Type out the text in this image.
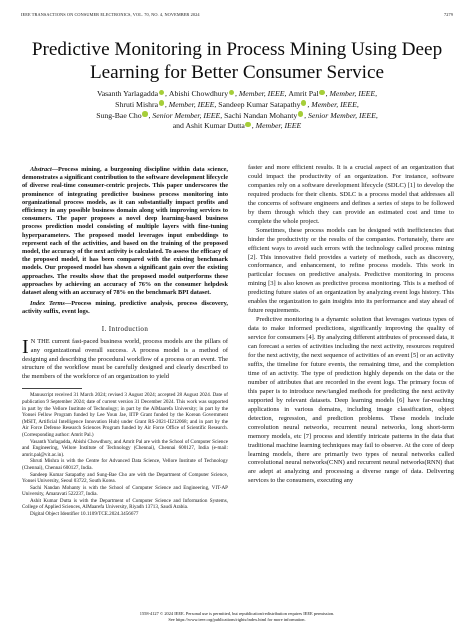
IEEE TRANSACTIONS ON CONSUMER ELECTRONICS, VOL. 70, NO. 4, NOVEMBER 2024	7279
Predictive Monitoring in Process Mining Using Deep Learning for Better Consumer Service
Vasanth Yarlagadda , Abishi Chowdhury , Member, IEEE , Amrit Pal , Member, IEEE , Shruti Mishra , Member, IEEE , Sandeep Kumar Satapathy , Member, IEEE , Sung-Bae Cho , Senior Member, IEEE , Sachi Nandan Mohanty , Senior Member, IEEE , and Ashit Kumar Dutta , Member, IEEE

Abstract—Process mining, a burgeoning discipline within data science, demonstrates a significant contribution to the software development lifecycle of diverse real-time consumer-centric projects. This paper underscores the prominence of integrating predictive business process monitoring into organizational process models, as it can substantially impact profits and efficiency in any possible business domain along with improving services to consumers. The paper proposes a novel deep learning-based business process prediction model consisting of multiple layers with fine-tuning hyperparameters. The proposed model leverages input embeddings to represent each of the activities, and based on the training of the proposed model, the accuracy of the next activity is calculated. To assess the efficacy of the proposed model, it has been compared with the existing benchmark models. Our proposed model has shown a significant gain over the existing approaches. The results show that the proposed model outperforms these approaches by achieving an accuracy of 76% on the consumer helpdesk dataset along with an accuracy of 78% on the benchmark BPI dataset.

Index Terms—Process mining, predictive analysis, process discovery, activity suffix, event logs.

I. Introduction

I N THE current fast-paced business world, process models are the pillars of any organizational overall success. A process model is a method of designing and describing the procedural workflow of a process or an event. The structure of the workflow must be carefully designed and clearly described to the members of the workforce of an organization to yield

Manuscript received 31 March 2024; revised 3 August 2024; accepted 28 August 2024. Date of publication 9 September 2024; date of current version 31 December 2024. This work was supported in part by the Vellore Institute of Technology; in part by the AlMaarefa University; in part by the Yonsei Fellow Program funded by Lee Youn Jae, IITP Grant funded by the Korean Government (MSIT, Artificial Intelligence Innovation Hub) under Grant RS-2021-II212068; and in part by the Air Force Defense Research Sciences Program funded by Air Force Office of Scientific Research. (Corresponding author: Amrit Pal.)

Vasanth Yarlagadda, Abishi Chowdhury, and Amrit Pal are with the School of Computer Science and Engineering, Vellore Institute of Technology (Chennai), Chennai 600127, India (e-mail: amrit.pal@vit.ac.in).

Shruti Mishra is with the Centre for Advanced Data Science, Vellore Institute of Technology (Chennai), Chennai 600127, India.

Sandeep Kumar Satapathy and Sung-Bae Cho are with the Department of Computer Science, Yonsei University, Seoul 03722, South Korea.

Sachi Nandan Mohanty is with the School of Computer Science and Engineering, VIT-AP University, Amaravati 522237, India.

Ashit Kumar Dutta is with the Department of Computer Science and Information Systems, College of Applied Sciences, AlMaarefa University, Riyadh 13713, Saudi Arabia.

Digital Object Identifier 10.1109/TCE.2024.3456677

faster and more efficient results. It is a crucial aspect of an organization that could impact the productivity of an organization. For instance, software companies rely on a software development lifecycle (SDLC) [1] to develop the required products for their clients. SDLC is a process model that addresses all the concerns of software engineers and defines a series of steps to be followed by them through which they can provide an estimated cost and time to complete the whole project.

Sometimes, these process models can be designed with inefficiencies that hinder the productivity or the results of the companies. Fortunately, there are efficient ways to avoid such errors with the technology called process mining [2]. This innovative field provides a variety of methods, such as discovery, conformance, and enhancement, to refine process models. This work in particular focuses on predictive analysis. Predictive monitoring in process mining [3] is also known as predictive process monitoring. This is a method of predicting future states of an organization by analyzing event logs history. This enables the organization to gain insights into its performance and stay ahead of future requirements.

Predictive monitoring is a dynamic solution that leverages various types of data to make informed predictions, significantly improving the quality of service for consumers [4]. By analyzing different attributes of processed data, it can forecast a series of activities including the next activity, resources required for the next activity, the next sequence of activities of an event [5] or an activity suffix, the timeline for future events, the remaining time, and the completion time of an activity. The type of prediction highly depends on the data or the number of attributes that are recorded in the event logs. The primary focus of this paper is to introduce new/tangled methods for predicting the next activity supported by relevant datasets. Deep learning models [6] have far-reaching applications in various domains, including image classification, object detection, regression, and prediction problems. These models include convolution neural networks, recurrent neural networks, long short-term memory models, etc [7] process and identify intricate patterns in the data that traditional machine learning techniques may fail to observe. At the core of deep learning models, there are primarily two types of neural networks called convolutional neural networks(CNN) and recurrent neural networks(RNN) that are adept at analyzing and processing a diverse range of data. Delivering services to the consumers, executing any

1558-4127 © 2024 IEEE. Personal use is permitted, but republication/redistribution requires IEEE permission.
See https://www.ieee.org/publications/rights/index.html for more information.
